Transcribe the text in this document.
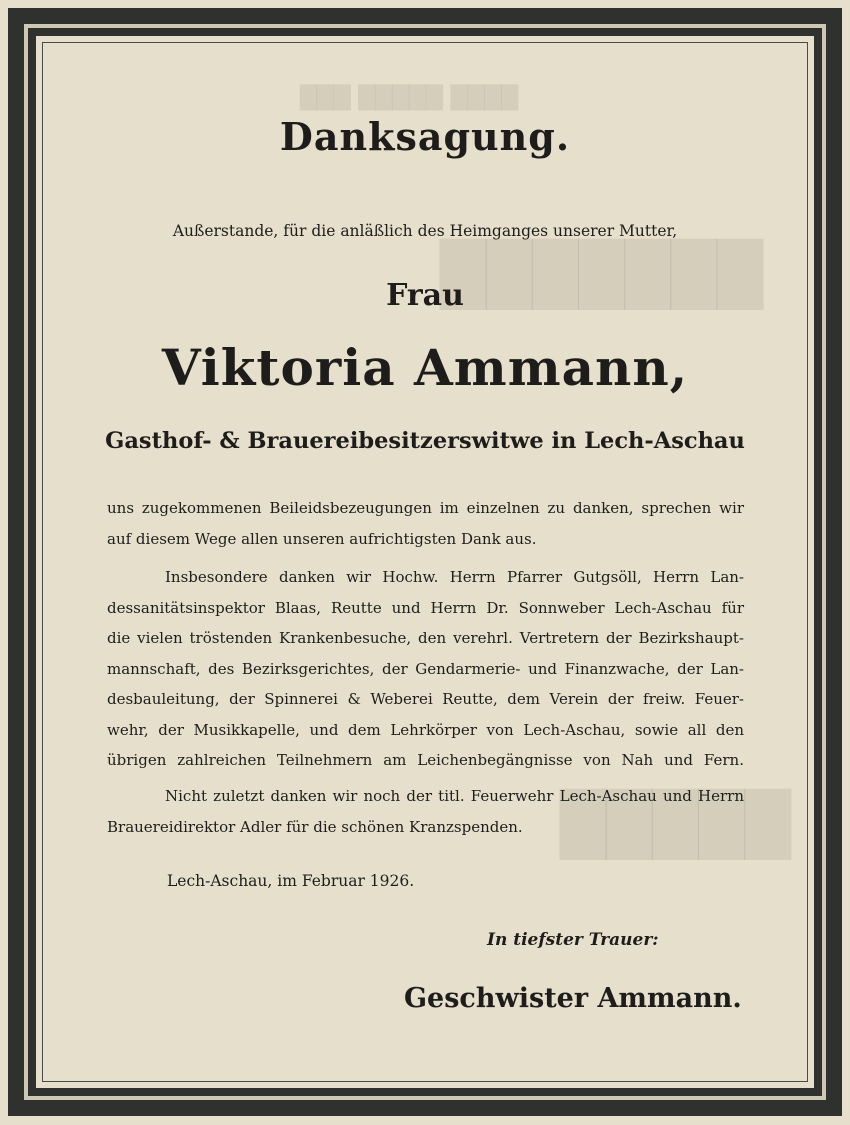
███ █████ ████
███████
█████
Danksagung.
Außerstande, für die anläßlich des Heimganges unserer Mutter,
Frau
Viktoria Ammann,
Gasthof- & Brauereibesitzerswitwe in Lech-Aschau
uns zugekommenen Beileidsbezeugungen im einzelnen zu danken, sprechen wir
auf diesem Wege allen unseren aufrichtigsten Dank aus.
Insbesondere danken wir Hochw. Herrn Pfarrer Gutgsöll, Herrn Lan-
dessanitätsinspektor Blaas, Reutte und Herrn Dr. Sonnweber Lech-Aschau für
die vielen tröstenden Krankenbesuche, den verehrl. Vertretern der Bezirkshaupt-
mannschaft, des Bezirksgerichtes, der Gendarmerie- und Finanzwache, der Lan-
desbauleitung, der Spinnerei & Weberei Reutte, dem Verein der freiw. Feuer-
wehr, der Musikkapelle, und dem Lehrkörper von Lech-Aschau, sowie all den
übrigen zahlreichen Teilnehmern am Leichenbegängnisse von Nah und Fern.
Nicht zuletzt danken wir noch der titl. Feuerwehr Lech-Aschau und Herrn
Brauereidirektor Adler für die schönen Kranzspenden.
Lech-Aschau, im Februar 1926.
In tiefster Trauer:
Geschwister Ammann.
